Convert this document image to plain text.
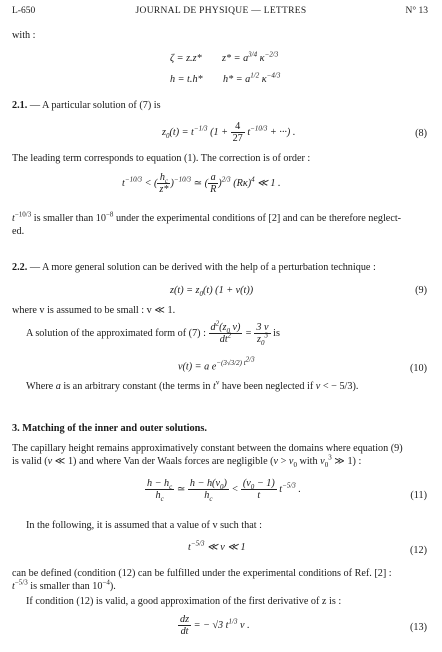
L-650	JOURNAL DE PHYSIQUE — LETTRES	N° 13
with :
ζ = z.z*        $z* = a^{3/4}$ $\kappa^{-2/3}$
h = t.h*        $h* = a^{1/2}$ $\kappa^{-4/3}$
2.1. — A particular solution of (7) is
$z_0(t) = t^{-1/3}$ ($1 + \frac{4}{27} t^{-10/3}$ + ···) .	(8)
The leading term corresponds to equation (1). The correction is of order :
$t^{-10/3}$ < ( $\frac{h_c}{z*} )^{-10/3}$ ≃ ( $\frac{a}{R} )^{2/3}$ $(R\kappa)^4$ ≪ 1 .
$t^{-10/3}$ is smaller than $10^{-8}$ under the experimental conditions of [2] and can be therefore neglect-
ed.
2.2. — A more general solution can be derived with the help of a perturbation technique :
$z(t) = z_0(t) (1 + v(t))$	(9)
where v is assumed to be small : v ≪ 1.
A solution of the approximated form of (7) : $\frac{d^2(z_0 v)}{dt^2} = \frac{3 v}{z_0^3}$ is
v(t) = a $e^{-(3√3/2) t^{2/3}}$
(10)
Where a is an arbitrary constant (the terms in $t^v$ have been neglected if v < − 5/3).
3. Matching of the inner and outer solutions.
The capillary height remains approximatively constant between the domains where equation (9)
is valid (v ≪ 1) and where Van der Waals forces are negligible ($v > v_0$ with $v_0^3$ ≫ 1) :
$\frac{h - h_c}{h_c}$ ≃ $\frac{h - h(v_0)}{h_c} < \frac{(v_0 - 1)}{t} t^{-5/3}$ .
(11)
In the following, it is assumed that a value of v such that :
$t^{-5/3}$ ≪ v ≪ 1	(12)
can be defined (condition (12) can be fulfilled under the experimental conditions of Ref. [2] :
$t^{-5/3}$ is smaller than $10^{-4}$).
If condition (12) is valid, a good approximation of the first derivative of z is :
$\frac{dz}{dt}$ = − √3 $t^{1/3}$ v .	(13)
